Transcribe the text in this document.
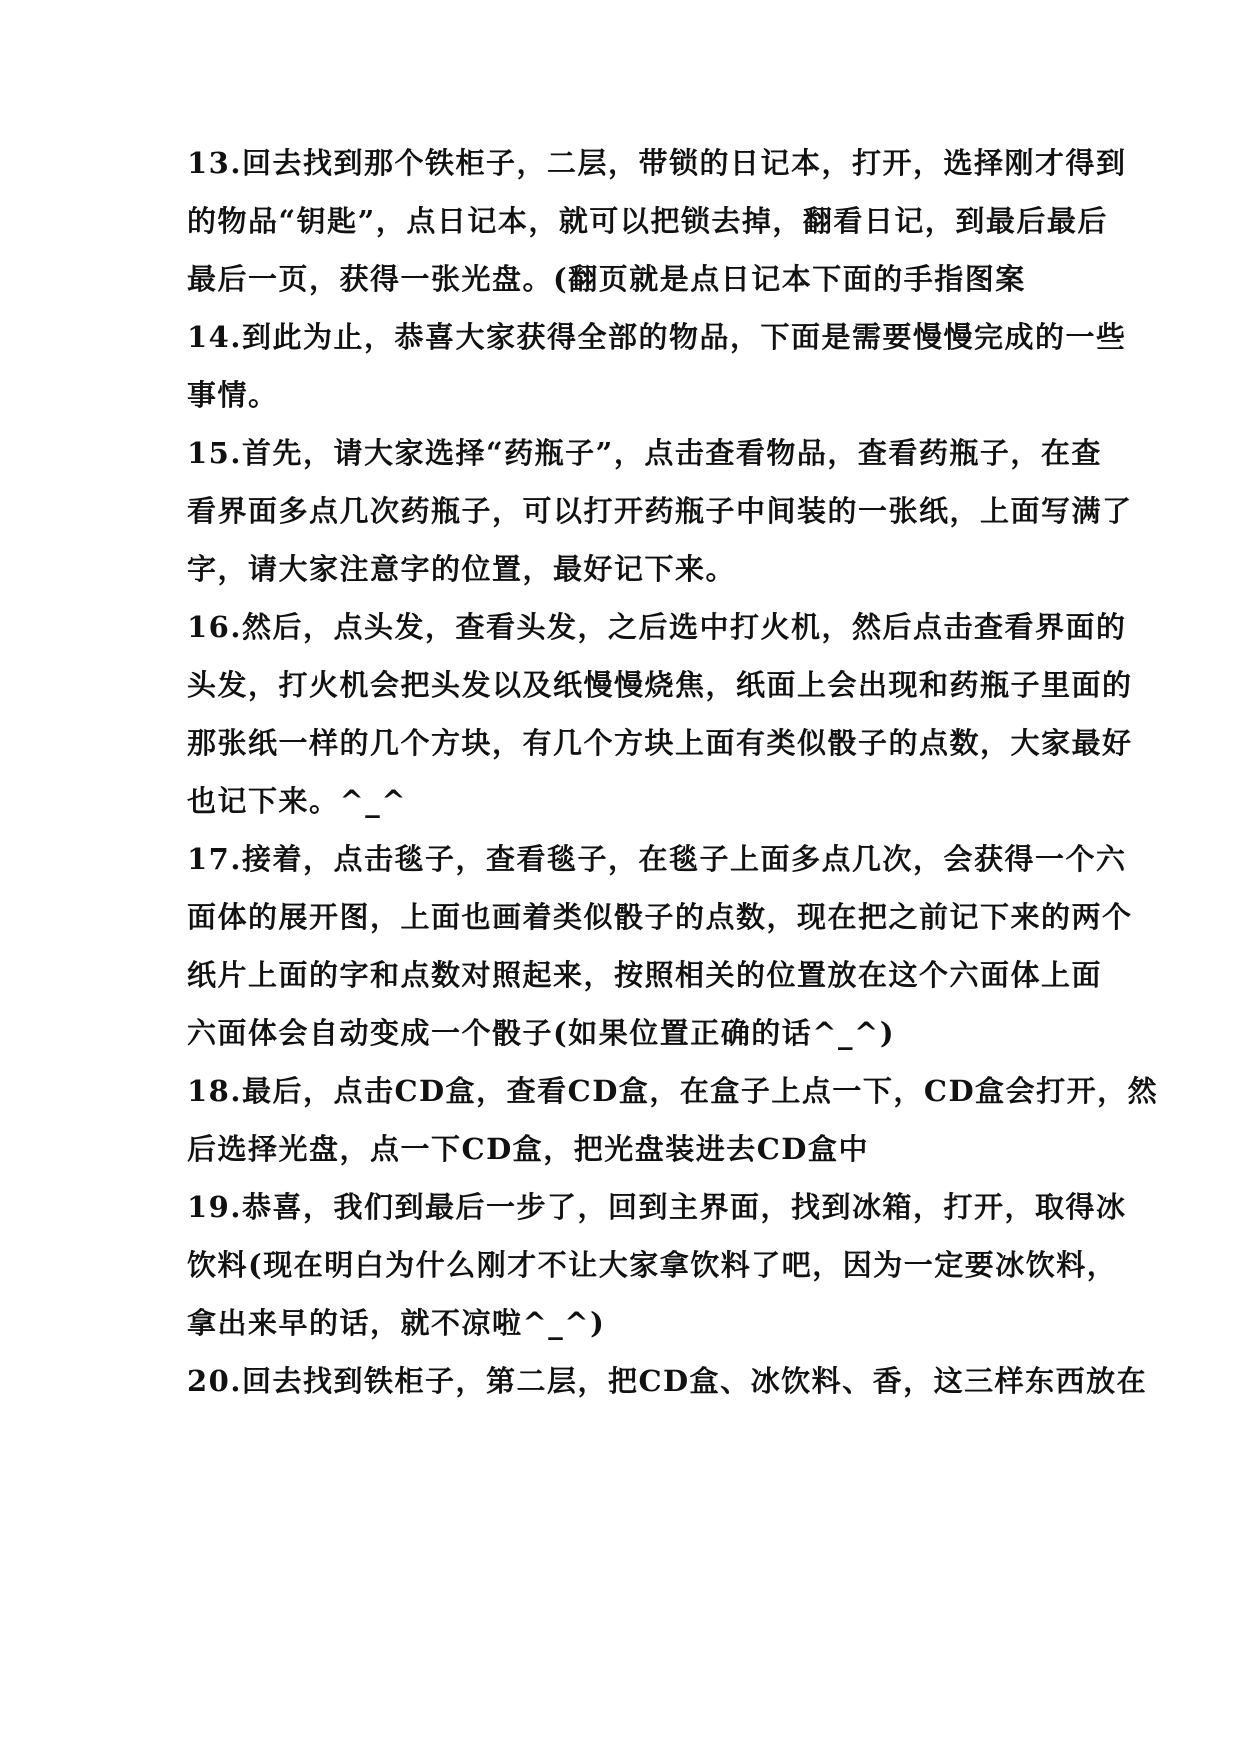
13.回去找到那个铁柜子，二层，带锁的日记本，打开，选择刚才得到
的物品“钥匙”，点日记本，就可以把锁去掉，翻看日记，到最后最后
最后一页，获得一张光盘。(翻页就是点日记本下面的手指图案
14.到此为止，恭喜大家获得全部的物品，下面是需要慢慢完成的一些
事情。
15.首先，请大家选择“药瓶子”，点击查看物品，查看药瓶子，在查
看界面多点几次药瓶子，可以打开药瓶子中间装的一张纸，上面写满了
字，请大家注意字的位置，最好记下来。
16.然后，点头发，查看头发，之后选中打火机，然后点击查看界面的
头发，打火机会把头发以及纸慢慢烧焦，纸面上会出现和药瓶子里面的
那张纸一样的几个方块，有几个方块上面有类似骰子的点数，大家最好
也记下来。^_^
17.接着，点击毯子，查看毯子，在毯子上面多点几次，会获得一个六
面体的展开图，上面也画着类似骰子的点数，现在把之前记下来的两个
纸片上面的字和点数对照起来，按照相关的位置放在这个六面体上面
六面体会自动变成一个骰子(如果位置正确的话^_^)
18.最后，点击CD盒，查看CD盒，在盒子上点一下，CD盒会打开，然
后选择光盘，点一下CD盒，把光盘装进去CD盒中
19.恭喜，我们到最后一步了，回到主界面，找到冰箱，打开，取得冰
饮料(现在明白为什么刚才不让大家拿饮料了吧，因为一定要冰饮料，
拿出来早的话，就不凉啦^_^)
20.回去找到铁柜子，第二层，把CD盒、冰饮料、香，这三样东西放在
